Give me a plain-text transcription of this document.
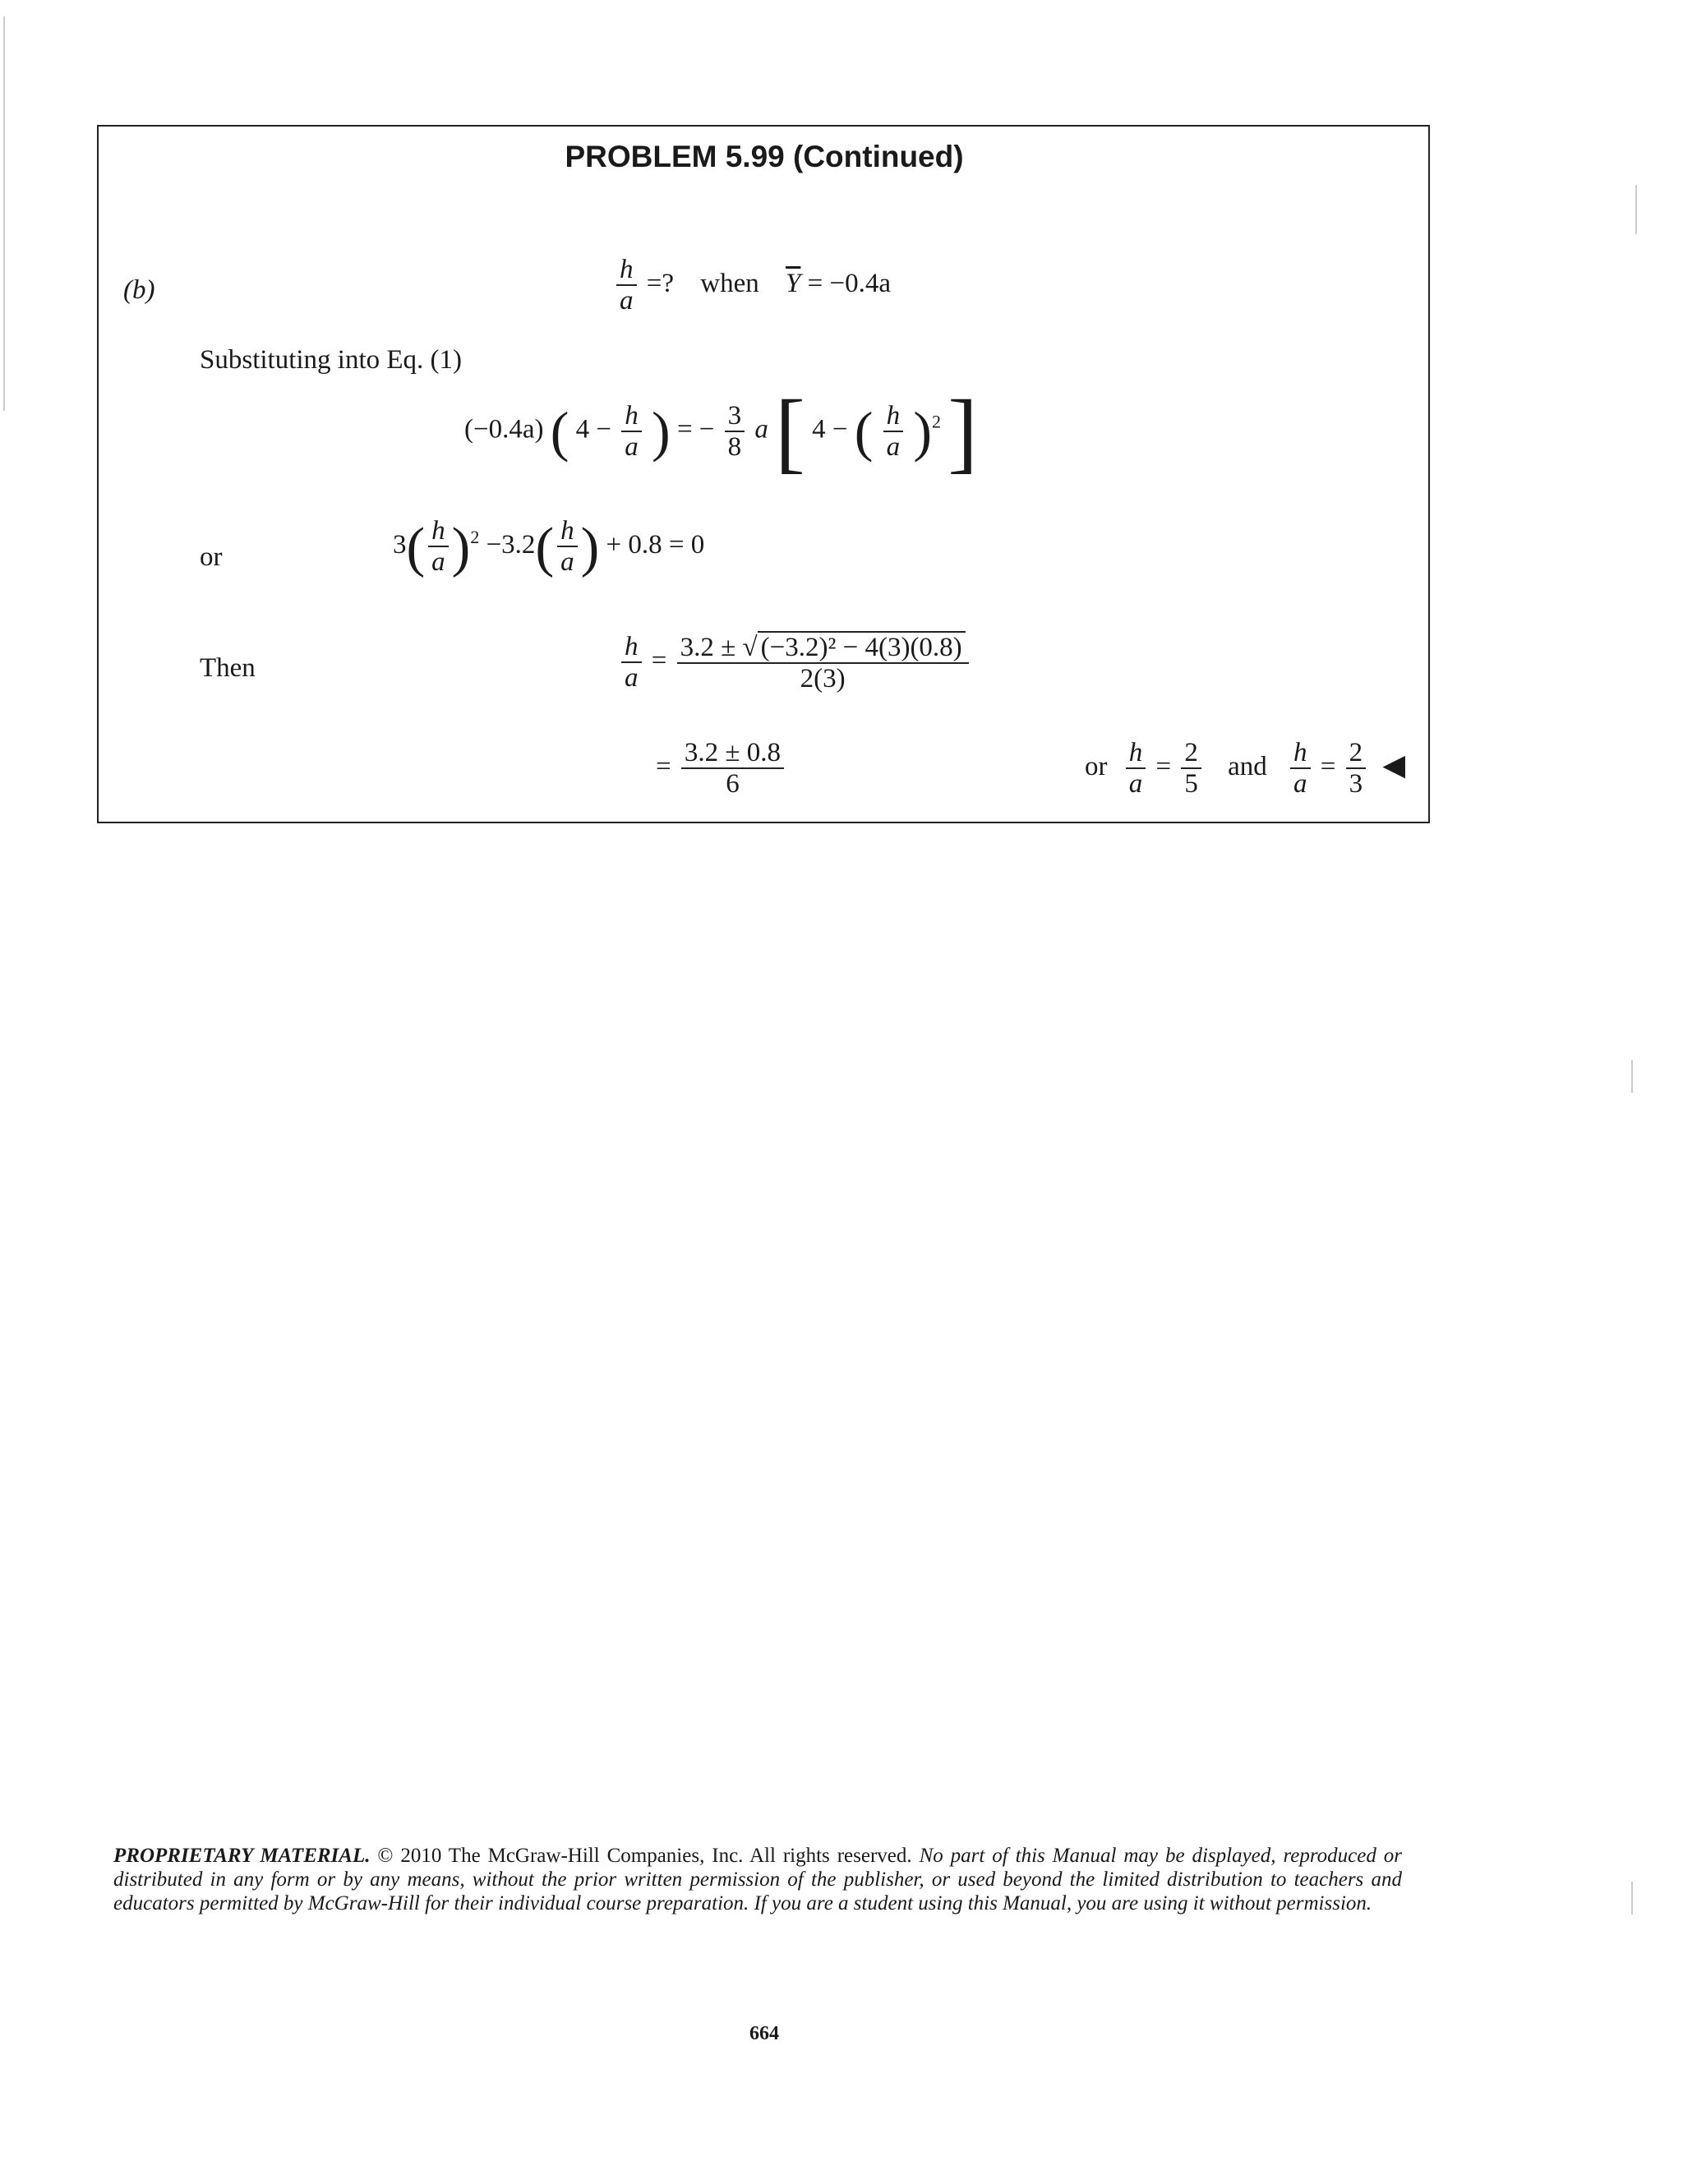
PROBLEM 5.99 (Continued)
(b)	$\frac{h}{a}$ =? when $\overline{Y} = -0.4a$
Substituting into Eq. (1)
(−0.4a) ( $4 - \frac{h}{a}$ ) = − $\frac{3}{8}$ a [ 4 − ( $\frac{h}{a} )^2$ ]
or	$3( \frac{h}{a} )^2 -3.2( \frac{h}{a}$ ) + 0.8 = 0
Then	$\frac{h}{a} = \frac{\text{3.2 ± √ (−3.2)² − 4(3)(0.8)}}{2(3)}$
= $\frac{3.2 \pm 0.8}{6}$	or $\frac{h}{a} = \frac{2}{5}$ and $\frac{h}{a} = \frac{2}{3}$ ◀
PROPRIETARY MATERIAL. © 2010 The McGraw-Hill Companies, Inc. All rights reserved. No part of this Manual may be displayed, reproduced or distributed in any form or by any means, without the prior written permission of the publisher, or used beyond the limited distribution to teachers and educators permitted by McGraw-Hill for their individual course preparation. If you are a student using this Manual, you are using it without permission.
664
